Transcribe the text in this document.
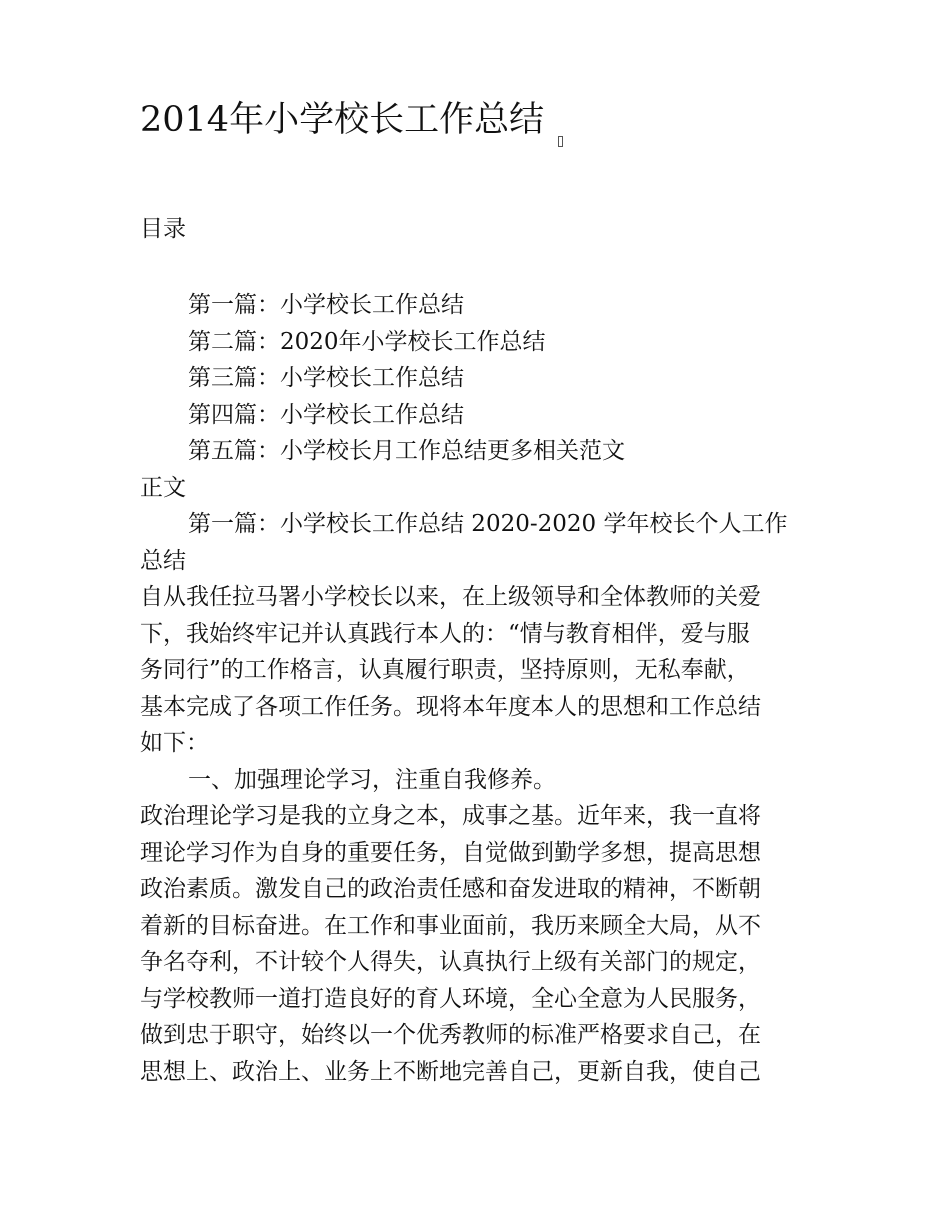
2014年小学校长工作总结
目录
第一篇：小学校长工作总结
第二篇：2020年小学校长工作总结
第三篇：小学校长工作总结
第四篇：小学校长工作总结
第五篇：小学校长月工作总结更多相关范文
正文
第一篇：小学校长工作总结 2020-2020 学年校长个人工作
总结
自从我任拉马署小学校长以来，在上级领导和全体教师的关爱
下，我始终牢记并认真践行本人的：“情与教育相伴，爱与服
务同行”的工作格言，认真履行职责，坚持原则，无私奉献，
基本完成了各项工作任务。现将本年度本人的思想和工作总结
如下：
一、加强理论学习，注重自我修养。
政治理论学习是我的立身之本，成事之基。近年来，我一直将
理论学习作为自身的重要任务，自觉做到勤学多想，提高思想
政治素质。激发自己的政治责任感和奋发进取的精神，不断朝
着新的目标奋进。在工作和事业面前，我历来顾全大局，从不
争名夺利，不计较个人得失，认真执行上级有关部门的规定，
与学校教师一道打造良好的育人环境，全心全意为人民服务，
做到忠于职守，始终以一个优秀教师的标准严格要求自己，在
思想上、政治上、业务上不断地完善自己，更新自我，使自己
